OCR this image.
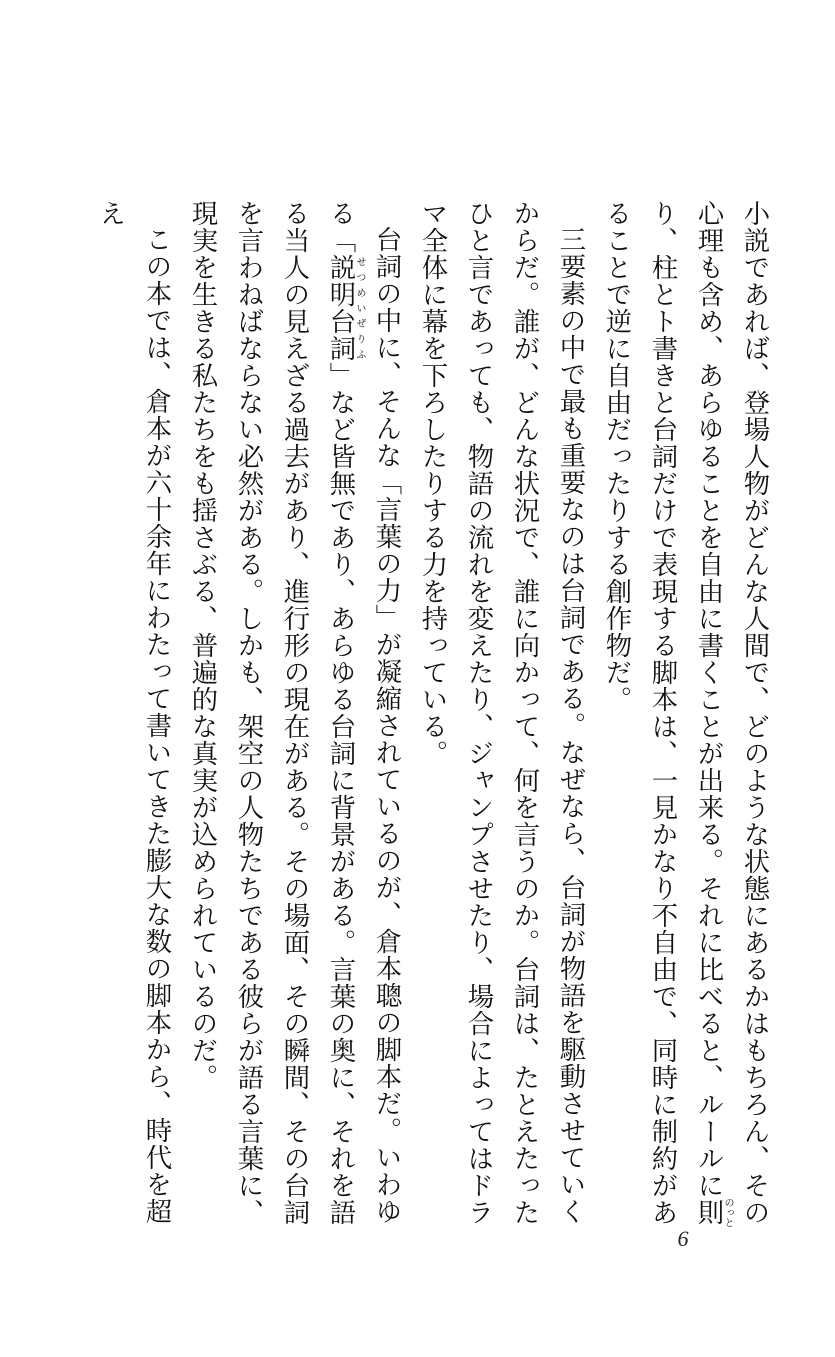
小説であれば、登場人物がどんな人間で、どのような状態にあるかはもちろん、その心理も含め、あらゆることを自由に書くことが出来る。それに比べると、ルールに則のっとり、柱とト書きと台詞だけで表現する脚本は、一見かなり不自由で、同時に制約があることで逆に自由だったりする創作物だ。

三要素の中で最も重要なのは台詞である。なぜなら、台詞が物語を駆動させていくからだ。誰が、どんな状況で、誰に向かって、何を言うのか。台詞は、たとえたったひと言であっても、物語の流れを変えたり、ジャンプさせたり、場合によってはドラマ全体に幕を下ろしたりする力を持っている。

台詞の中に、そんな「言葉の力」が凝縮されているのが、倉本聰の脚本だ。いわゆる「説明台詞せつめいぜりふ」など皆無であり、あらゆる台詞に背景がある。言葉の奥に、それを語る当人の見えざる過去があり、進行形の現在がある。その場面、その瞬間、その台詞を言わねばならない必然がある。しかも、架空の人物たちである彼らが語る言葉に、現実を生きる私たちをも揺さぶる、普遍的な真実が込められているのだ。

この本では、倉本が六十余年にわたって書いてきた膨大な数の脚本から、時代を超え

6
